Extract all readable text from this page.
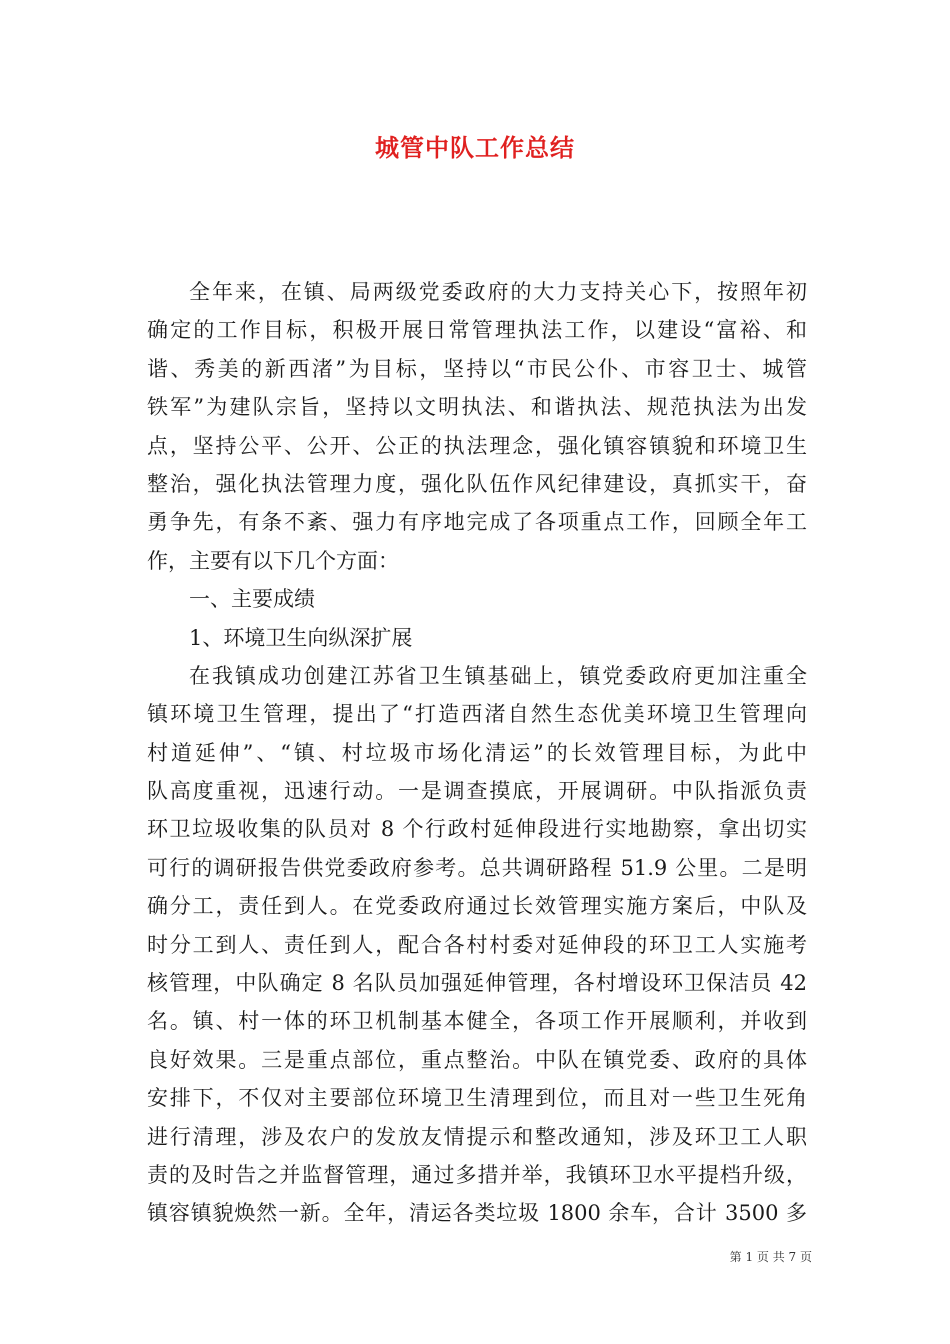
城管中队工作总结
全年来，在镇、局两级党委政府的大力支持关心下，按照年初
确定的工作目标，积极开展日常管理执法工作，以建设“富裕、和
谐、秀美的新西渚”为目标，坚持以“市民公仆、市容卫士、城管
铁军”为建队宗旨，坚持以文明执法、和谐执法、规范执法为出发
点，坚持公平、公开、公正的执法理念，强化镇容镇貌和环境卫生
整治，强化执法管理力度，强化队伍作风纪律建设，真抓实干，奋
勇争先，有条不紊、强力有序地完成了各项重点工作，回顾全年工
作，主要有以下几个方面：
一、主要成绩
1、环境卫生向纵深扩展
在我镇成功创建江苏省卫生镇基础上，镇党委政府更加注重全
镇环境卫生管理，提出了“打造西渚自然生态优美环境卫生管理向
村道延伸”、“镇、村垃圾市场化清运”的长效管理目标，为此中
队高度重视，迅速行动。一是调查摸底，开展调研。中队指派负责
环卫垃圾收集的队员对 8 个行政村延伸段进行实地勘察，拿出切实
可行的调研报告供党委政府参考。总共调研路程 51.9 公里。二是明
确分工，责任到人。在党委政府通过长效管理实施方案后，中队及
时分工到人、责任到人，配合各村村委对延伸段的环卫工人实施考
核管理，中队确定 8 名队员加强延伸管理，各村增设环卫保洁员 42
名。镇、村一体的环卫机制基本健全，各项工作开展顺利，并收到
良好效果。三是重点部位，重点整治。中队在镇党委、政府的具体
安排下，不仅对主要部位环境卫生清理到位，而且对一些卫生死角
进行清理，涉及农户的发放友情提示和整改通知，涉及环卫工人职
责的及时告之并监督管理，通过多措并举，我镇环卫水平提档升级，
镇容镇貌焕然一新。全年，清运各类垃圾 1800 余车，合计 3500 多
第 1 页 共 7 页
